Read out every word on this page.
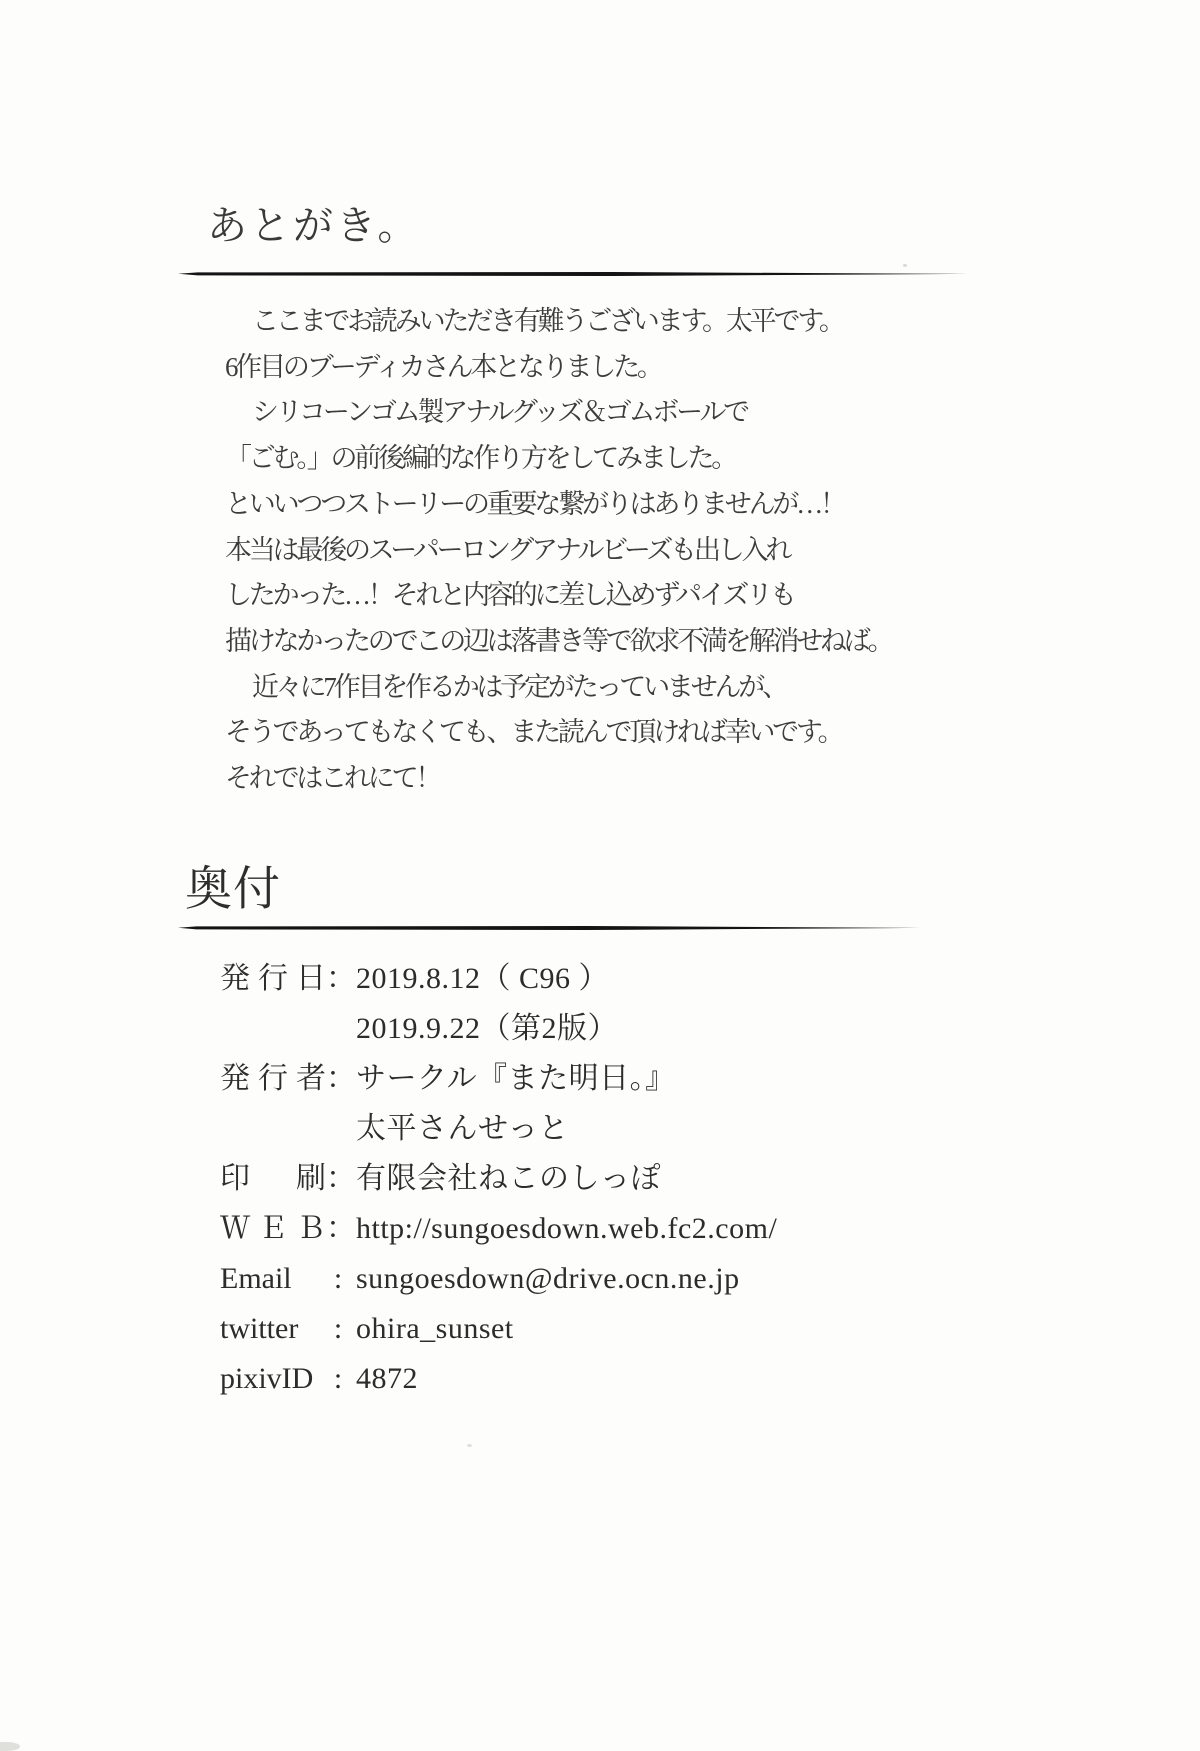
あとがき。
ここまでお読みいただき有難うございます。太平です。
6作目のブーディカさん本となりました。
シリコーンゴム製アナルグッズ＆ゴムボールで
「ごむ。」の前後編的な作り方をしてみました。
といいつつストーリーの重要な繋がりはありませんが…！
本当は最後のスーパーロングアナルビーズも出し入れ
したかった…！それと内容的に差し込めずパイズリも
描けなかったのでこの辺は落書き等で欲求不満を解消せねば。
近々に7作目を作るかは予定がたっていませんが、
そうであってもなくても、また読んで頂ければ幸いです。
それではこれにて！
奥付
発行日 ： 2019.8.12（ C96 ）
2019.9.22（第2版）
発行者 ： サークル『また明日。』
太平さんせっと
印　刷 ： 有限会社ねこのしっぽ
ＷＥＢ ： http://sungoesdown.web.fc2.com/
Email	: sungoesdown@drive.ocn.ne.jp
twitter	: ohira_sunset
pixivID : 4872
